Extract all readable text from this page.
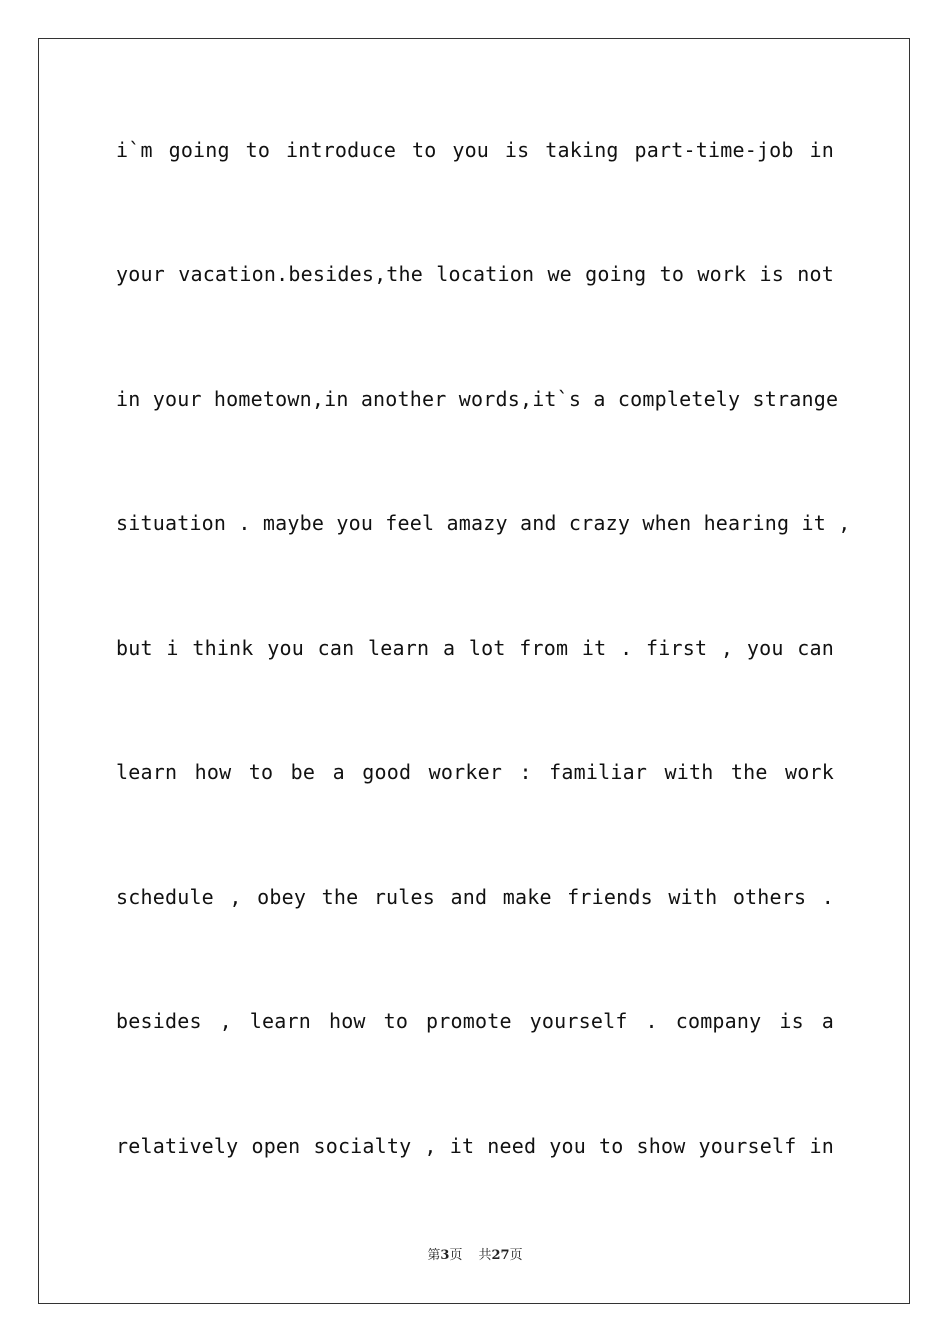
i`m going to introduce to you is taking part-time-job in
your vacation.besides,the location we going to work is not
in your hometown,in another words,it`s a completely strange
situation . maybe you feel amazy and crazy when hearing it ,
but i think you can learn a lot from it . first , you can
learn how to be a good worker : familiar with the work
schedule , obey the rules and make friends with others .
besides , learn how to promote yourself . company is a
relatively open socialty , it need you to show yourself in
第3页 共27页
